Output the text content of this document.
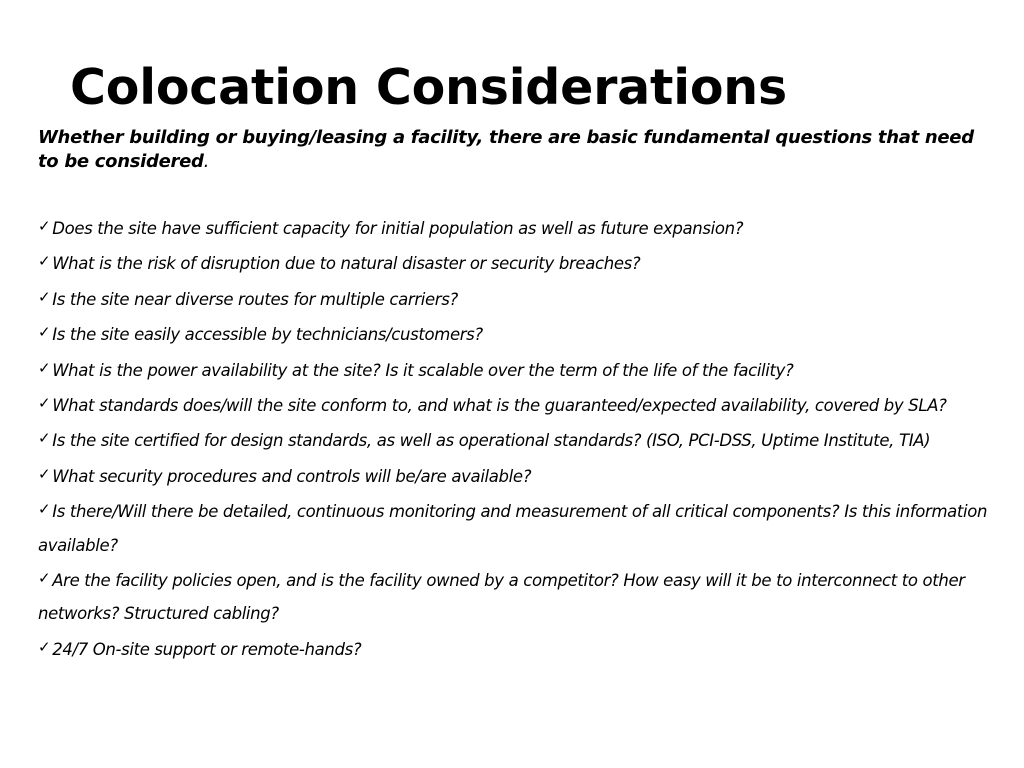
Colocation Considerations

Whether building or buying/leasing a facility, there are basic fundamental questions that need to be considered.

✓ Does the site have sufficient capacity for initial population as well as future expansion?
✓ What is the risk of disruption due to natural disaster or security breaches?
✓ Is the site near diverse routes for multiple carriers?
✓ Is the site easily accessible by technicians/customers?
✓ What is the power availability at the site? Is it scalable over the term of the life of the facility?
✓ What standards does/will the site conform to, and what is the guaranteed/expected availability, covered by SLA?
✓ Is the site certified for design standards, as well as operational standards? (ISO, PCI-DSS, Uptime Institute, TIA)
✓ What security procedures and controls will be/are available?
✓ Is there/Will there be detailed, continuous monitoring and measurement of all critical components? Is this information available?
✓ Are the facility policies open, and is the facility owned by a competitor? How easy will it be to interconnect to other networks? Structured cabling?
✓ 24/7 On-site support or remote-hands?
